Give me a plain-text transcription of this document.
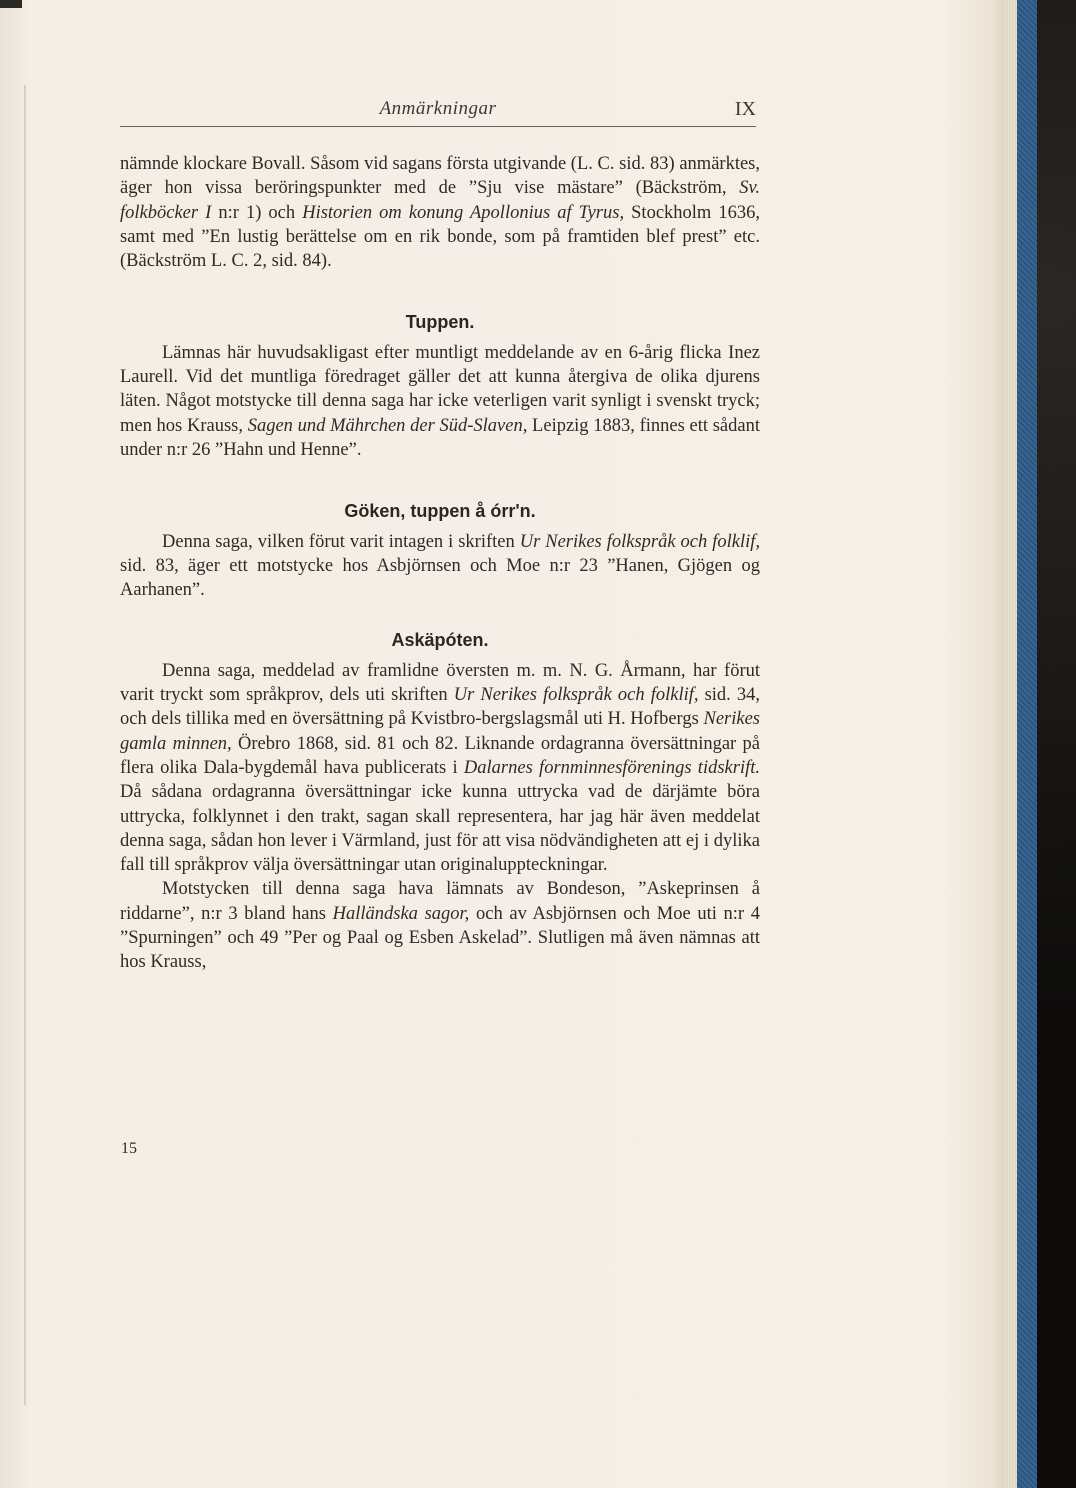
Anmärkningar	IX

nämnde klockare Bovall. Såsom vid sagans första utgivande (L. C. sid. 83) anmärktes, äger hon vissa beröringspunkter med de ”Sju vise mästare” (Bäckström, Sv. folkböcker I n:r 1) och Historien om konung Apollonius af Tyrus, Stockholm 1636, samt med ”En lustig berättelse om en rik bonde, som på framtiden blef prest” etc. (Bäckström L. C. 2, sid. 84).

Tuppen.

Lämnas här huvudsakligast efter muntligt meddelande av en 6-årig flicka Inez Laurell. Vid det muntliga föredraget gäller det att kunna återgiva de olika djurens läten. Något motstycke till denna saga har icke veterligen varit synligt i svenskt tryck; men hos Krauss, Sagen und Mährchen der Süd-Slaven, Leipzig 1883, finnes ett sådant under n:r 26 ”Hahn und Henne”.

Göken, tuppen å órr'n.

Denna saga, vilken förut varit intagen i skriften Ur Nerikes folkspråk och folklif, sid. 83, äger ett motstycke hos Asbjörnsen och Moe n:r 23 ”Hanen, Gjögen og Aarhanen”.

Askäpóten.

Denna saga, meddelad av framlidne översten m. m. N. G. Årmann, har förut varit tryckt som språkprov, dels uti skriften Ur Nerikes folkspråk och folklif, sid. 34, och dels tillika med en översättning på Kvistbro-bergslagsmål uti H. Hofbergs Nerikes gamla minnen, Örebro 1868, sid. 81 och 82. Liknande ordagranna översättningar på flera olika Dala-bygdemål hava publicerats i Dalarnes fornminnesförenings tidskrift. Då sådana ordagranna översättningar icke kunna uttrycka vad de därjämte böra uttrycka, folklynnet i den trakt, sagan skall representera, har jag här även meddelat denna saga, sådan hon lever i Värmland, just för att visa nödvändigheten att ej i dylika fall till språkprov välja översättningar utan originaluppteckningar.

Motstycken till denna saga hava lämnats av Bondeson, ”Askeprinsen å riddarne”, n:r 3 bland hans Halländska sagor, och av Asbjörnsen och Moe uti n:r 4 ”Spurningen” och 49 ”Per og Paal og Esben Askelad”. Slutligen må även nämnas att hos Krauss,

15
